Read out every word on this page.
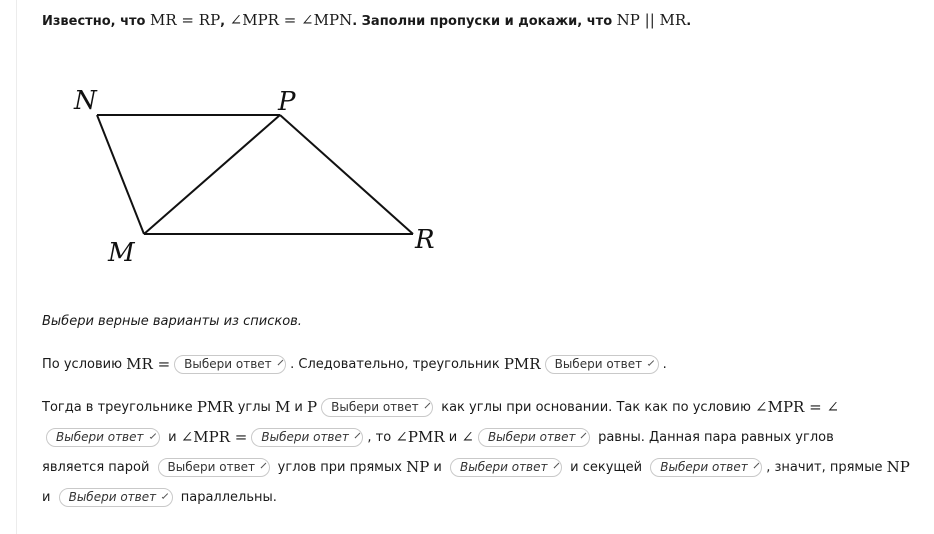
Известно, что MR = RP, ∠MPR = ∠MPN. Заполни пропуски и докажи, что NP || MR.
N	P
M	R
Выбери верные варианты из списков.
По условию MR = Выбери ответ . Следовательно, треугольник PMR Выбери ответ .
Тогда в треугольнике PMR углы M и P Выбери ответ как углы при основании. Так как по условию ∠MPR = ∠
Выбери ответ и ∠MPR = Выбери ответ , то ∠PMR и ∠ Выбери ответ равны. Данная пара равных углов
является парой Выбери ответ углов при прямых NP и Выбери ответ и секущей Выбери ответ , значит, прямые NP
и Выбери ответ параллельны.
